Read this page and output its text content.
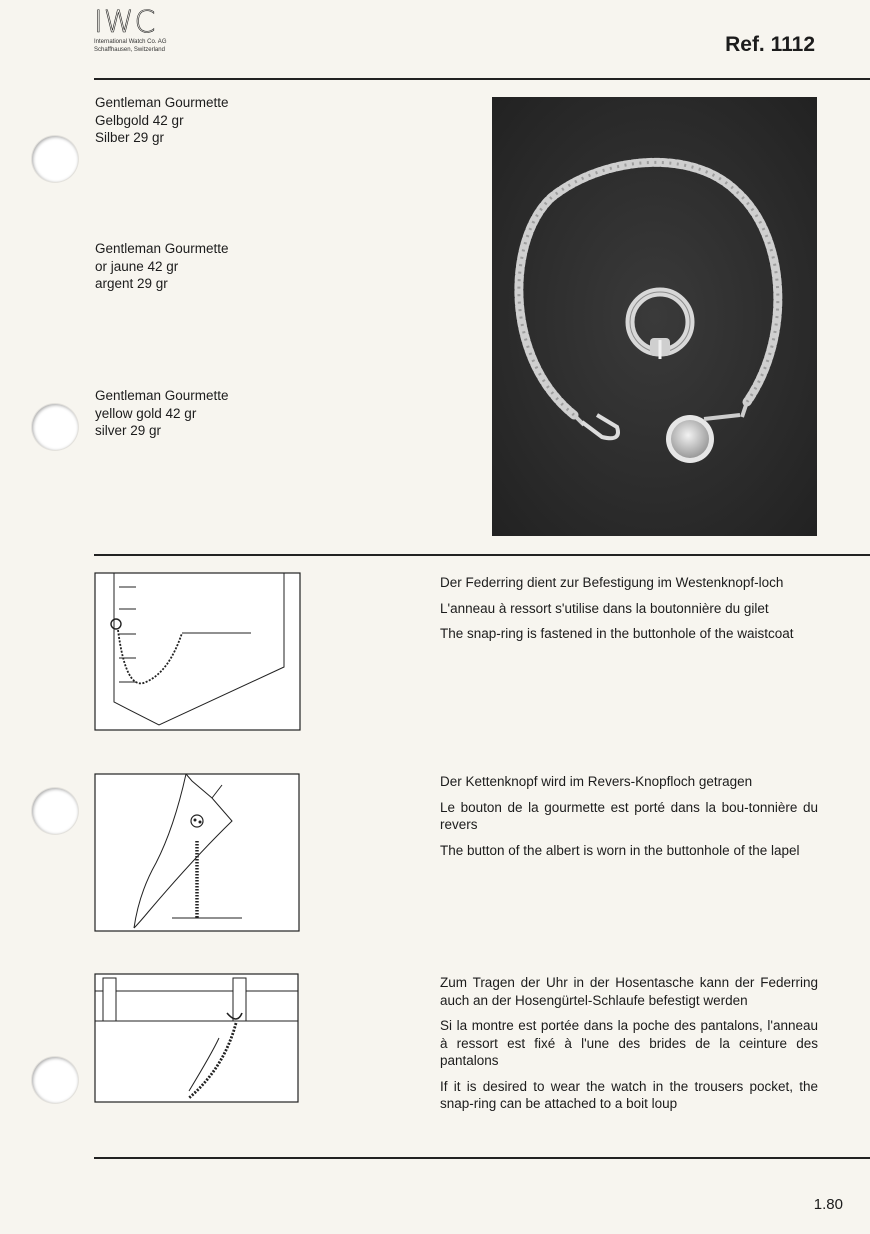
IWC
International Watch Co. AG
Schaffhausen, Switzerland	Ref. 1112
Gentleman Gourmette
Gelbgold 42 gr
Silber 29 gr
Gentleman Gourmette
or jaune 42 gr
argent 29 gr
Gentleman Gourmette
yellow gold 42 gr
silver 29 gr

Der Federring dient zur Befestigung im Westenknopf-loch

L'anneau à ressort s'utilise dans la boutonnière du gilet

The snap-ring is fastened in the buttonhole of the waistcoat

Der Kettenknopf wird im Revers-Knopfloch getragen

Le bouton de la gourmette est porté dans la bou-tonnière du revers

The button of the albert is worn in the buttonhole of the lapel

Zum Tragen der Uhr in der Hosentasche kann der Federring auch an der Hosengürtel-Schlaufe befestigt werden

Si la montre est portée dans la poche des pantalons, l'anneau à ressort est fixé à l'une des brides de la ceinture des pantalons

If it is desired to wear the watch in the trousers pocket, the snap-ring can be attached to a boit loup

1.80
